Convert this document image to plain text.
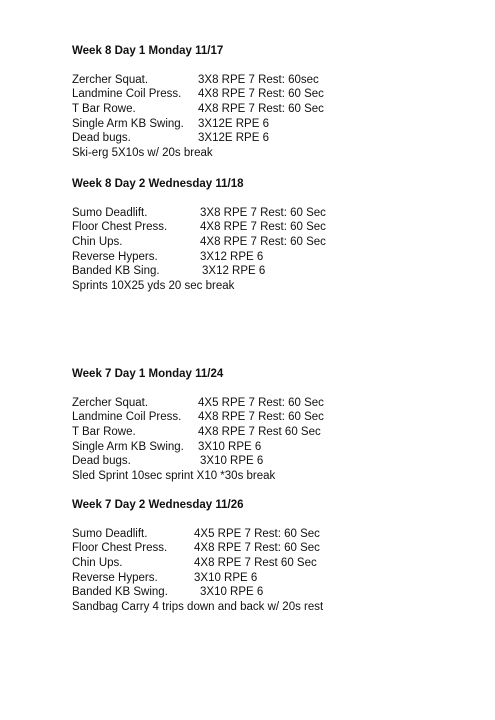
Week 8 Day 1 Monday 11/17
Zercher Squat.	3X8 RPE 7 Rest: 60sec
Landmine Coil Press. 4X8 RPE 7 Rest: 60 Sec
T Bar Rowe.	4X8 RPE 7 Rest: 60 Sec
Single Arm KB Swing. 3X12E RPE 6
Dead bugs.	3X12E RPE 6
Ski-erg 5X10s w/ 20s break
Week 8 Day 2 Wednesday 11/18
Sumo Deadlift.	3X8 RPE 7 Rest: 60 Sec
Floor Chest Press.	4X8 RPE 7 Rest: 60 Sec
Chin Ups.	4X8 RPE 7 Rest: 60 Sec
Reverse Hypers.	3X12 RPE 6
Banded KB Sing.	3X12 RPE 6
Sprints 10X25 yds 20 sec break
Week 7 Day 1 Monday 11/24
Zercher Squat.	4X5 RPE 7 Rest: 60 Sec
Landmine Coil Press. 4X8 RPE 7 Rest: 60 Sec
T Bar Rowe.	4X8 RPE 7 Rest 60 Sec
Single Arm KB Swing. 3X10 RPE 6
Dead bugs.	3X10 RPE 6
Sled Sprint 10sec sprint X10 *30s break
Week 7 Day 2 Wednesday 11/26
Sumo Deadlift.	4X5 RPE 7 Rest: 60 Sec
Floor Chest Press. 4X8 RPE 7 Rest: 60 Sec
Chin Ups.	4X8 RPE 7 Rest 60 Sec
Reverse Hypers.	3X10 RPE 6
Banded KB Swing.	3X10 RPE 6
Sandbag Carry 4 trips down and back w/ 20s rest
